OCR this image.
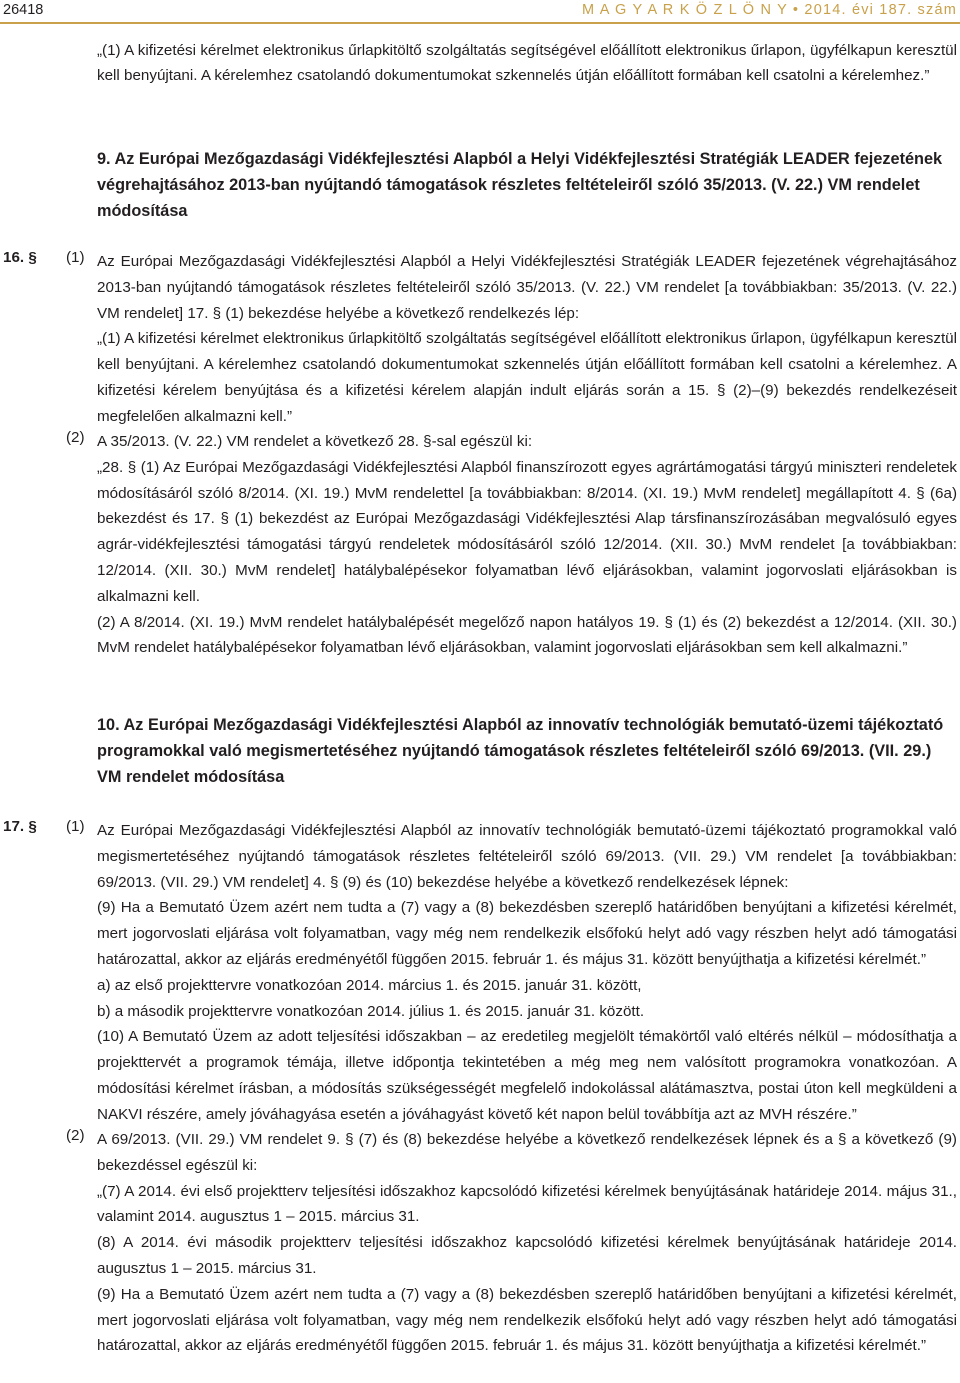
26418	M A G Y A R K Ö Z L Ö N Y • 2014. évi 187. szám
„(1) A kifizetési kérelmet elektronikus űrlapkitöltő szolgáltatás segítségével előállított elektronikus űrlapon, ügyfélkapun keresztül kell benyújtani. A kérelemhez csatolandó dokumentumokat szkennelés útján előállított formában kell csatolni a kérelemhez.”
9. Az Európai Mezőgazdasági Vidékfejlesztési Alapból a Helyi Vidékfejlesztési Stratégiák LEADER fejezetének végrehajtásához 2013-ban nyújtandó támogatások részletes feltételeiről szóló 35/2013. (V. 22.) VM rendelet módosítása
16. § (1) Az Európai Mezőgazdasági Vidékfejlesztési Alapból a Helyi Vidékfejlesztési Stratégiák LEADER fejezetének végrehajtásához 2013-ban nyújtandó támogatások részletes feltételeiről szóló 35/2013. (V. 22.) VM rendelet [a továbbiakban: 35/2013. (V. 22.) VM rendelet] 17. § (1) bekezdése helyébe a következő rendelkezés lép:

„(1) A kifizetési kérelmet elektronikus űrlapkitöltő szolgáltatás segítségével előállított elektronikus űrlapon, ügyfélkapun keresztül kell benyújtani. A kérelemhez csatolandó dokumentumokat szkennelés útján előállított formában kell csatolni a kérelemhez. A kifizetési kérelem benyújtása és a kifizetési kérelem alapján indult eljárás során a 15. § (2)–(9) bekezdés rendelkezéseit megfelelően alkalmazni kell.”

(2) A 35/2013. (V. 22.) VM rendelet a következő 28. §-sal egészül ki:

„28. § (1) Az Európai Mezőgazdasági Vidékfejlesztési Alapból finanszírozott egyes agrártámogatási tárgyú miniszteri rendeletek módosításáról szóló 8/2014. (XI. 19.) MvM rendelettel [a továbbiakban: 8/2014. (XI. 19.) MvM rendelet] megállapított 4. § (6a) bekezdést és 17. § (1) bekezdést az Európai Mezőgazdasági Vidékfejlesztési Alap társfinanszírozásában megvalósuló egyes agrár-vidékfejlesztési támogatási tárgyú rendeletek módosításáról szóló 12/2014. (XII. 30.) MvM rendelet [a továbbiakban: 12/2014. (XII. 30.) MvM rendelet] hatálybalépésekor folyamatban lévő eljárásokban, valamint jogorvoslati eljárásokban is alkalmazni kell.

(2) A 8/2014. (XI. 19.) MvM rendelet hatálybalépését megelőző napon hatályos 19. § (1) és (2) bekezdést a 12/2014. (XII. 30.) MvM rendelet hatálybalépésekor folyamatban lévő eljárásokban, valamint jogorvoslati eljárásokban sem kell alkalmazni.”

10. Az Európai Mezőgazdasági Vidékfejlesztési Alapból az innovatív technológiák bemutató-üzemi tájékoztató programokkal való megismertetéséhez nyújtandó támogatások részletes feltételeiről szóló 69/2013. (VII. 29.) VM rendelet módosítása
17. § (1) Az Európai Mezőgazdasági Vidékfejlesztési Alapból az innovatív technológiák bemutató-üzemi tájékoztató programokkal való megismertetéséhez nyújtandó támogatások részletes feltételeiről szóló 69/2013. (VII. 29.) VM rendelet [a továbbiakban: 69/2013. (VII. 29.) VM rendelet] 4. § (9) és (10) bekezdése helyébe a következő rendelkezések lépnek:

(9) Ha a Bemutató Üzem azért nem tudta a (7) vagy a (8) bekezdésben szereplő határidőben benyújtani a kifizetési kérelmét, mert jogorvoslati eljárása volt folyamatban, vagy még nem rendelkezik elsőfokú helyt adó vagy részben helyt adó támogatási határozattal, akkor az eljárás eredményétől függően 2015. február 1. és május 31. között benyújthatja a kifizetési kérelmét.”

a) az első projekttervre vonatkozóan 2014. március 1. és 2015. január 31. között,

b) a második projekttervre vonatkozóan 2014. július 1. és 2015. január 31. között.

(10) A Bemutató Üzem az adott teljesítési időszakban – az eredetileg megjelölt témakörtől való eltérés nélkül – módosíthatja a projekttervét a programok témája, illetve időpontja tekintetében a még meg nem valósított programokra vonatkozóan. A módosítási kérelmet írásban, a módosítás szükségességét megfelelő indokolással alátámasztva, postai úton kell megküldeni a NAKVI részére, amely jóváhagyása esetén a jóváhagyást követő két napon belül továbbítja azt az MVH részére.”

(2) A 69/2013. (VII. 29.) VM rendelet 9. § (7) és (8) bekezdése helyébe a következő rendelkezések lépnek és a § a következő (9) bekezdéssel egészül ki:

„(7) A 2014. évi első projektterv teljesítési időszakhoz kapcsolódó kifizetési kérelmek benyújtásának határideje 2014. május 31., valamint 2014. augusztus 1 – 2015. március 31.

(8) A 2014. évi második projektterv teljesítési időszakhoz kapcsolódó kifizetési kérelmek benyújtásának határideje 2014. augusztus 1 – 2015. március 31.

(9) Ha a Bemutató Üzem azért nem tudta a (7) vagy a (8) bekezdésben szereplő határidőben benyújtani a kifizetési kérelmét, mert jogorvoslati eljárása volt folyamatban, vagy még nem rendelkezik elsőfokú helyt adó vagy részben helyt adó támogatási határozattal, akkor az eljárás eredményétől függően 2015. február 1. és május 31. között benyújthatja a kifizetési kérelmét.”
